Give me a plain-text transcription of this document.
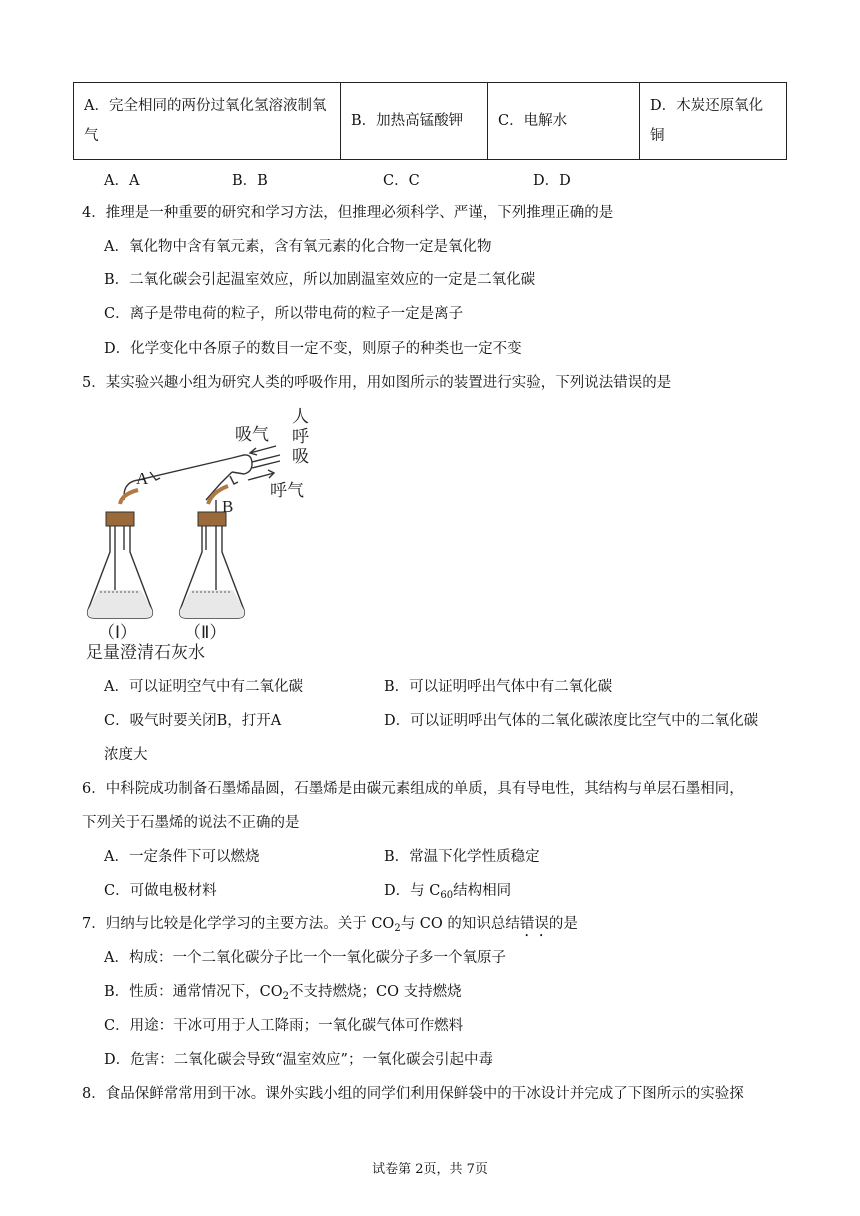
A．完全相同的两份过氧化氢溶液制氧气	B．加热高锰酸钾	C．电解水	D．木炭还原氧化铜
A．A	B．B	C．C	D．D
4．推理是一种重要的研究和学习方法，但推理必须科学、严谨，下列推理正确的是
A．氧化物中含有氧元素，含有氧元素的化合物一定是氧化物
B．二氧化碳会引起温室效应，所以加剧温室效应的一定是二氧化碳
C．离子是带电荷的粒子，所以带电荷的粒子一定是离子
D．化学变化中各原子的数目一定不变，则原子的种类也一定不变
5．某实验兴趣小组为研究人类的呼吸作用，用如图所示的装置进行实验，下列说法错误的是
吸气
呼气
人
呼
吸
A
B
（Ⅰ）	（Ⅱ）
足量澄清石灰水
A．可以证明空气中有二氧化碳	B．可以证明呼出气体中有二氧化碳
C．吸气时要关闭B，打开A	D．可以证明呼出气体的二氧化碳浓度比空气中的二氧化碳
浓度大
6．中科院成功制备石墨烯晶圆，石墨烯是由碳元素组成的单质，具有导电性，其结构与单层石墨相同，
下列关于石墨烯的说法不正确的是
A．一定条件下可以燃烧	B．常温下化学性质稳定
C．可做电极材料	D．与 $C_{60}$结构相同
7．归纳与比较是化学学习的主要方法。关于 $CO_2$与 CO 的知识总结错误的是
A．构成：一个二氧化碳分子比一个一氧化碳分子多一个氧原子
B．性质：通常情况下，$CO_2$不支持燃烧；CO 支持燃烧
C．用途：干冰可用于人工降雨；一氧化碳气体可作燃料
D．危害：二氧化碳会导致“温室效应”；一氧化碳会引起中毒
8．食品保鲜常常用到干冰。课外实践小组的同学们利用保鲜袋中的干冰设计并完成了下图所示的实验探
试卷第 2页，共 7页
